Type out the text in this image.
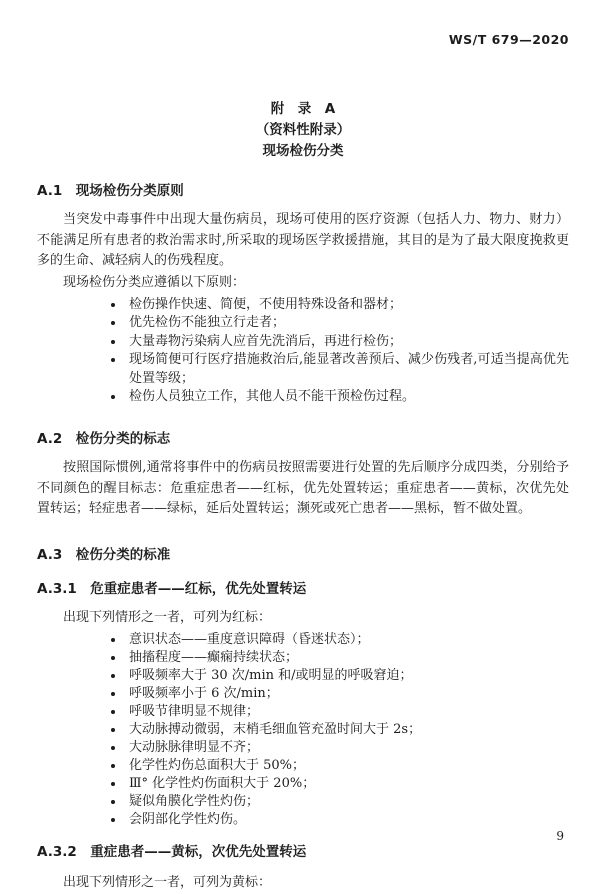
WS/T 679—2020
附　录　A
（资料性附录）
现场检伤分类
A.1　现场检伤分类原则

当突发中毒事件中出现大量伤病员，现场可使用的医疗资源（包括人力、物力、财力）不能满足所有患者的救治需求时,所采取的现场医学救援措施，其目的是为了最大限度挽救更多的生命、减轻病人的伤残程度。

现场检伤分类应遵循以下原则：

• 检伤操作快速、简便，不使用特殊设备和器材；
• 优先检伤不能独立行走者；
• 大量毒物污染病人应首先洗消后，再进行检伤；
• 现场简便可行医疗措施救治后,能显著改善预后、减少伤残者,可适当提高优先处置等级；
• 检伤人员独立工作，其他人员不能干预检伤过程。
A.2　检伤分类的标志

按照国际惯例,通常将事件中的伤病员按照需要进行处置的先后顺序分成四类，分别给予不同颜色的醒目标志：危重症患者——红标，优先处置转运；重症患者——黄标，次优先处置转运；轻症患者——绿标，延后处置转运；濒死或死亡患者——黑标，暂不做处置。

A.3　检伤分类的标准
A.3.1　危重症患者——红标，优先处置转运

出现下列情形之一者，可列为红标：

• 意识状态——重度意识障碍（昏迷状态）；
• 抽搐程度——癫痫持续状态；
• 呼吸频率大于 30 次/min 和/或明显的呼吸窘迫；
• 呼吸频率小于 6 次/min；
• 呼吸节律明显不规律；
• 大动脉搏动微弱，末梢毛细血管充盈时间大于 2s；
• 大动脉脉律明显不齐；
• 化学性灼伤总面积大于 50%；
• Ⅲ° 化学性灼伤面积大于 20%；
• 疑似角膜化学性灼伤；
• 会阴部化学性灼伤。
A.3.2　重症患者——黄标，次优先处置转运

出现下列情形之一者，可列为黄标：

9
